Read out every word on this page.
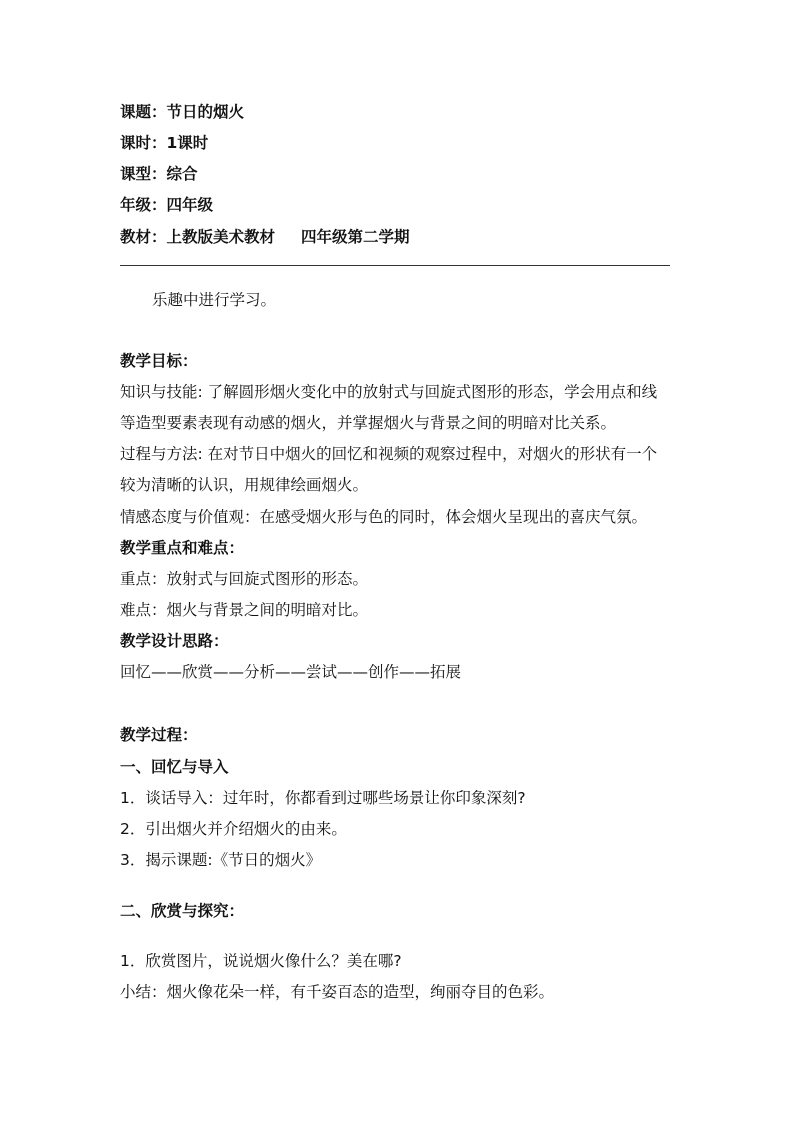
课题：节日的烟火
课时：1课时
课型：综合
年级：四年级
教材：上教版美术教材 四年级第二学期
乐趣中进行学习。
教学目标：
知识与技能: 了解圆形烟火变化中的放射式与回旋式图形的形态，学会用点和线
等造型要素表现有动感的烟火，并掌握烟火与背景之间的明暗对比关系。
过程与方法: 在对节日中烟火的回忆和视频的观察过程中，对烟火的形状有一个
较为清晰的认识，用规律绘画烟火。
情感态度与价值观：在感受烟火形与色的同时，体会烟火呈现出的喜庆气氛。
教学重点和难点：
重点：放射式与回旋式图形的形态。
难点：烟火与背景之间的明暗对比。
教学设计思路：
回忆——欣赏——分析——尝试——创作——拓展
教学过程：
一、回忆与导入
1．谈话导入：过年时，你都看到过哪些场景让你印象深刻?
2．引出烟火并介绍烟火的由来。
3．揭示课题:《节日的烟火》
二、欣赏与探究：
1．欣赏图片，说说烟火像什么？美在哪?
小结：烟火像花朵一样，有千姿百态的造型，绚丽夺目的色彩。
